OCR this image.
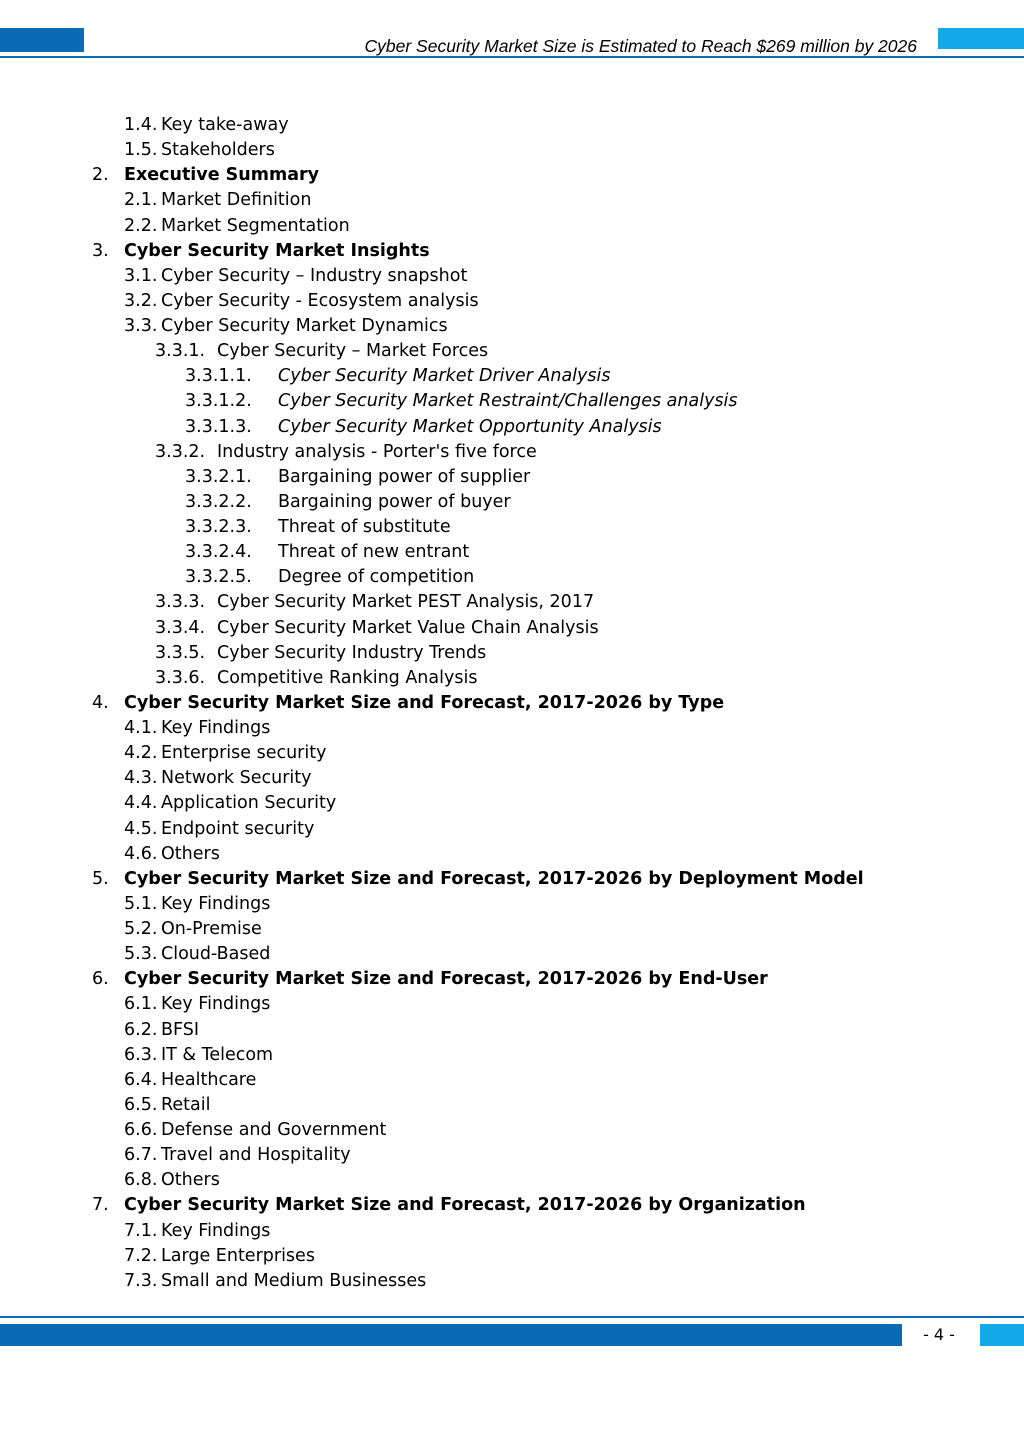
Cyber Security Market Size is Estimated to Reach $269 million by 2026
1.4. Key take-away
1.5. Stakeholders
2. Executive Summary
2.1. Market Definition
2.2. Market Segmentation
3. Cyber Security Market Insights
3.1. Cyber Security – Industry snapshot
3.2. Cyber Security - Ecosystem analysis
3.3. Cyber Security Market Dynamics
3.3.1. Cyber Security – Market Forces
3.3.1.1. Cyber Security Market Driver Analysis
3.3.1.2. Cyber Security Market Restraint/Challenges analysis
3.3.1.3. Cyber Security Market Opportunity Analysis
3.3.2. Industry analysis - Porter's five force
3.3.2.1. Bargaining power of supplier
3.3.2.2. Bargaining power of buyer
3.3.2.3. Threat of substitute
3.3.2.4. Threat of new entrant
3.3.2.5. Degree of competition
3.3.3. Cyber Security Market PEST Analysis, 2017
3.3.4. Cyber Security Market Value Chain Analysis
3.3.5. Cyber Security Industry Trends
3.3.6. Competitive Ranking Analysis
4. Cyber Security Market Size and Forecast, 2017-2026 by Type
4.1. Key Findings
4.2. Enterprise security
4.3. Network Security
4.4. Application Security
4.5. Endpoint security
4.6. Others
5. Cyber Security Market Size and Forecast, 2017-2026 by Deployment Model
5.1. Key Findings
5.2. On-Premise
5.3. Cloud-Based
6. Cyber Security Market Size and Forecast, 2017-2026 by End-User
6.1. Key Findings
6.2. BFSI
6.3. IT & Telecom
6.4. Healthcare
6.5. Retail
6.6. Defense and Government
6.7. Travel and Hospitality
6.8. Others
7. Cyber Security Market Size and Forecast, 2017-2026 by Organization
7.1. Key Findings
7.2. Large Enterprises
7.3. Small and Medium Businesses
- 4 -
